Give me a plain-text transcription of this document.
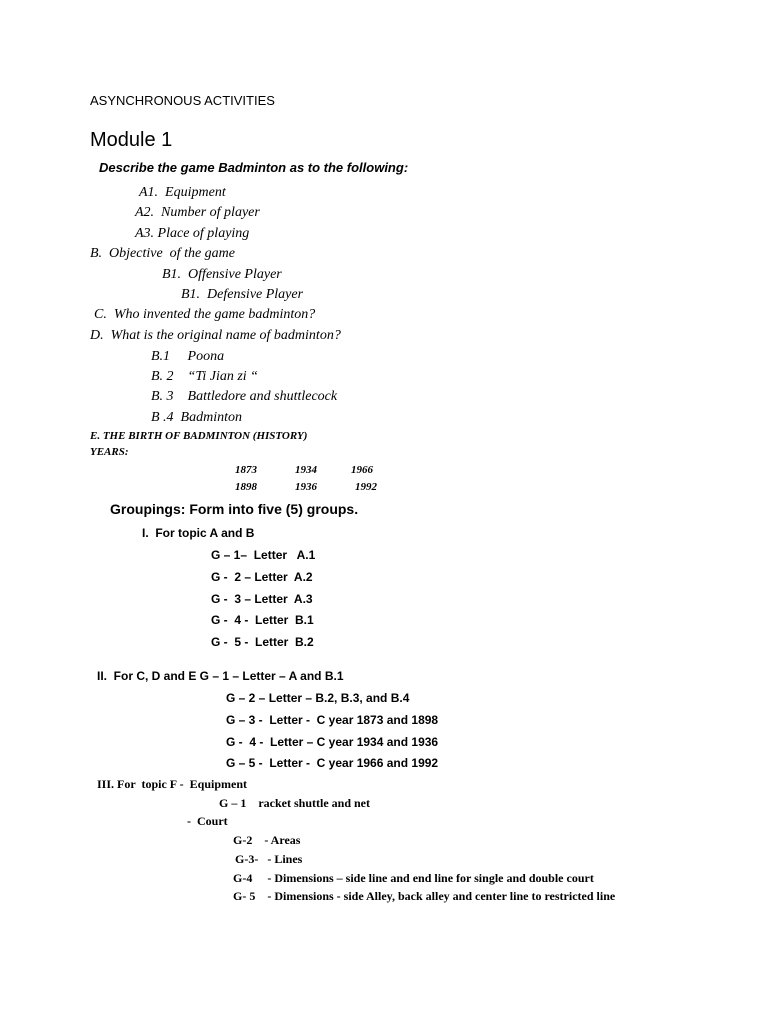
ASYNCHRONOUS ACTIVITIES
Module 1
Describe the game Badminton as to the following:
A1.  Equipment
A2.  Number of player
A3. Place of playing
B.  Objective  of the game
B1.  Offensive Player
B1.  Defensive Player
C.  Who invented the game badminton?
D.  What is the original name of badminton?
B.1     Poona
B. 2    “Ti Jian zi “
B. 3    Battledore and shuttlecock
B .4  Badminton
E. THE BIRTH OF BADMINTON (HISTORY)
YEARS:
1873	1934	1966
1898	1936	1992
Groupings: Form into five (5) groups.
I.  For topic A and B
G – 1–  Letter   A.1
G -  2 – Letter  A.2
G -  3 – Letter  A.3
G -  4 -  Letter  B.1
G -  5 -  Letter  B.2
II.  For C, D and E G – 1 – Letter – A and B.1
G – 2 – Letter – B.2, B.3, and B.4
G – 3 -  Letter -  C year 1873 and 1898
G -  4 -  Letter – C year 1934 and 1936
G – 5 -  Letter -  C year 1966 and 1992
III. For  topic F -  Equipment
G – 1    racket shuttle and net
-  Court
G-2    - Areas
G-3-   - Lines
G-4     - Dimensions – side line and end line for single and double court
G- 5    - Dimensions - side Alley, back alley and center line to restricted line
